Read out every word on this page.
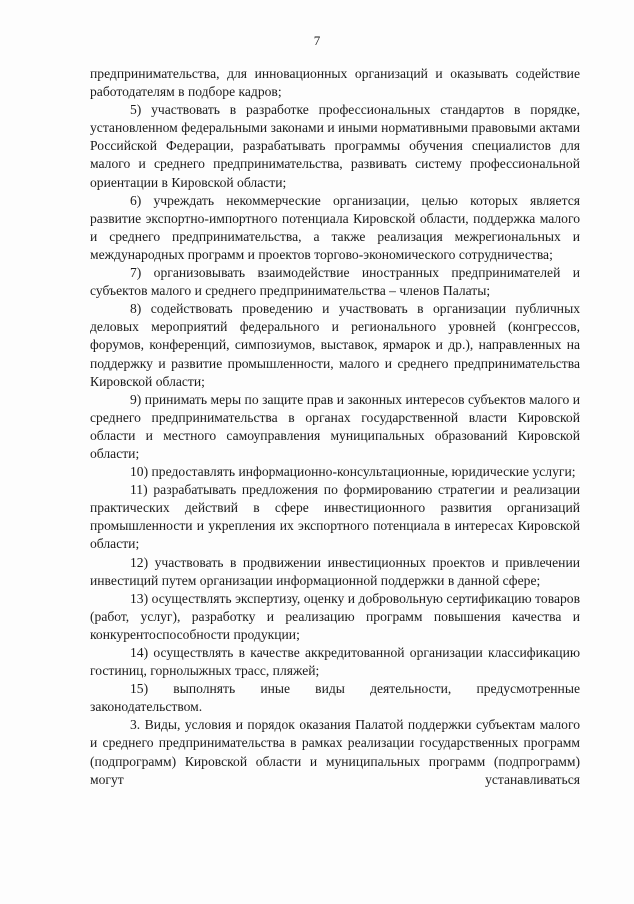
7

предпринимательства, для инновационных организаций и оказывать содействие работодателям в подборе кадров;

5) участвовать в разработке профессиональных стандартов в порядке, установленном федеральными законами и иными нормативными правовыми актами Российской Федерации, разрабатывать программы обучения специалистов для малого и среднего предпринимательства, развивать систему профессиональной ориентации в Кировской области;

6) учреждать некоммерческие организации, целью которых является развитие экспортно-импортного потенциала Кировской области, поддержка малого и среднего предпринимательства, а также реализация межрегиональных и международных программ и проектов торгово-экономического сотрудничества;

7) организовывать взаимодействие иностранных предпринимателей и субъектов малого и среднего предпринимательства – членов Палаты;

8) содействовать проведению и участвовать в организации публичных деловых мероприятий федерального и регионального уровней (конгрессов, форумов, конференций, симпозиумов, выставок, ярмарок и др.), направленных на поддержку и развитие промышленности, малого и среднего предпринимательства Кировской области;

9) принимать меры по защите прав и законных интересов субъектов малого и среднего предпринимательства в органах государственной власти Кировской области и местного самоуправления муниципальных образований Кировской области;

10) предоставлять информационно-консультационные, юридические услуги;

11) разрабатывать предложения по формированию стратегии и реализации практических действий в сфере инвестиционного развития организаций промышленности и укрепления их экспортного потенциала в интересах Кировской области;

12) участвовать в продвижении инвестиционных проектов и привлечении инвестиций путем организации информационной поддержки в данной сфере;

13) осуществлять экспертизу, оценку и добровольную сертификацию товаров (работ, услуг), разработку и реализацию программ повышения качества и конкурентоспособности продукции;

14) осуществлять в качестве аккредитованной организации классификацию гостиниц, горнолыжных трасс, пляжей;

15) выполнять иные виды деятельности, предусмотренные законодательством.

3. Виды, условия и порядок оказания Палатой поддержки субъектам малого и среднего предпринимательства в рамках реализации государственных программ (подпрограмм) Кировской области и муниципальных программ (подпрограмм) могут устанавливаться
